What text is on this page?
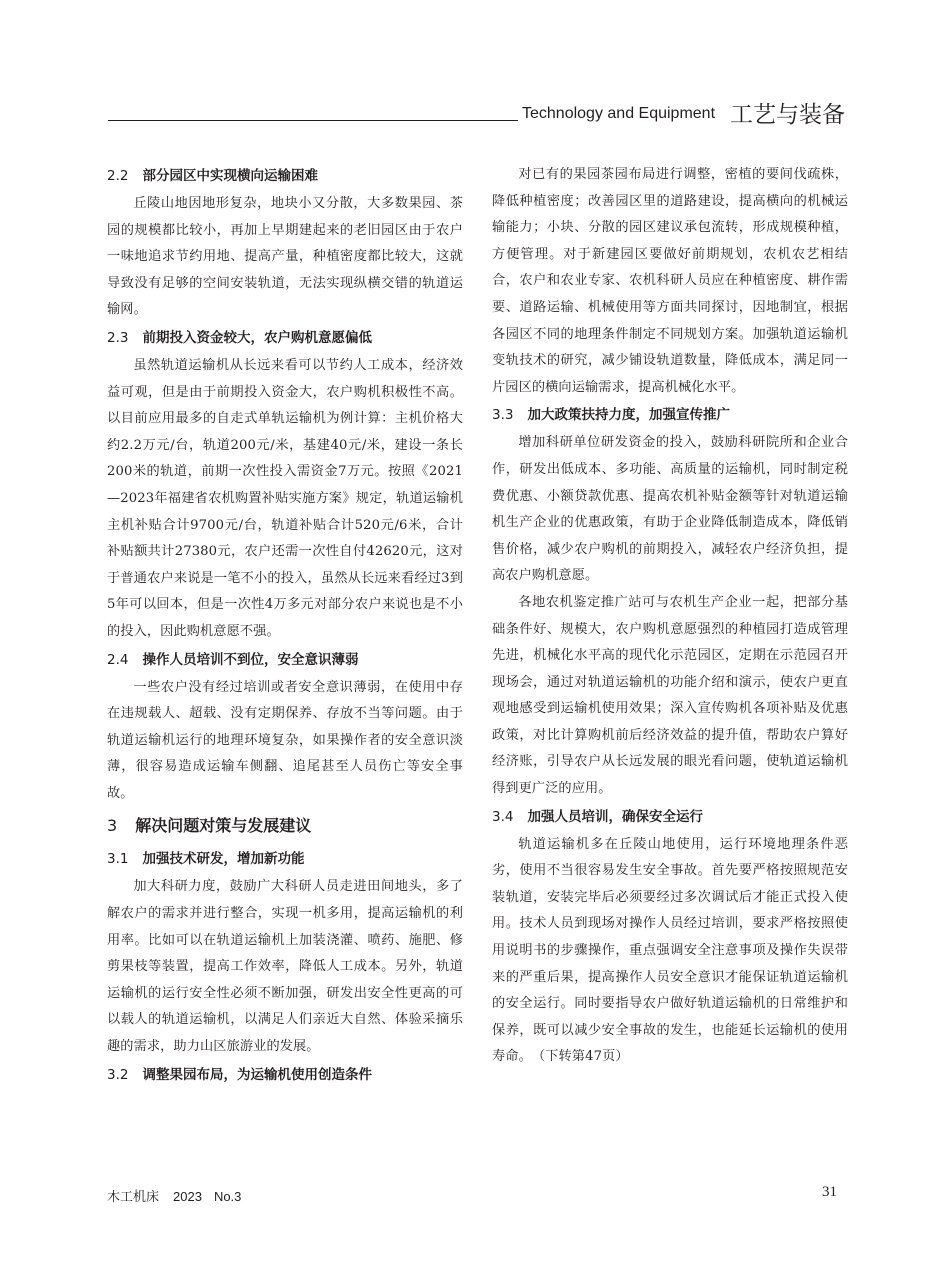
Technology and Equipment 工艺与装备
2.2 部分园区中实现横向运输困难

丘陵山地因地形复杂，地块小又分散，大多数果园、茶园的规模都比较小，再加上早期建起来的老旧园区由于农户一味地追求节约用地、提高产量，种植密度都比较大，这就导致没有足够的空间安装轨道，无法实现纵横交错的轨道运输网。

2.3 前期投入资金较大，农户购机意愿偏低

虽然轨道运输机从长远来看可以节约人工成本，经济效益可观，但是由于前期投入资金大，农户购机积极性不高。以目前应用最多的自走式单轨运输机为例计算：主机价格大约2.2万元/台，轨道200元/米，基建40元/米，建设一条长200米的轨道，前期一次性投入需资金7万元。按照《2021—2023年福建省农机购置补贴实施方案》规定，轨道运输机主机补贴合计9700元/台，轨道补贴合计520元/6米，合计补贴额共计27380元，农户还需一次性自付42620元，这对于普通农户来说是一笔不小的投入，虽然从长远来看经过3到5年可以回本，但是一次性4万多元对部分农户来说也是不小的投入，因此购机意愿不强。

2.4 操作人员培训不到位，安全意识薄弱

一些农户没有经过培训或者安全意识薄弱，在使用中存在违规载人、超载、没有定期保养、存放不当等问题。由于轨道运输机运行的地理环境复杂，如果操作者的安全意识淡薄，很容易造成运输车侧翻、追尾甚至人员伤亡等安全事故。

3 解决问题对策与发展建议
3.1 加强技术研发，增加新功能

加大科研力度，鼓励广大科研人员走进田间地头，多了解农户的需求并进行整合，实现一机多用，提高运输机的利用率。比如可以在轨道运输机上加装浇灌、喷药、施肥、修剪果枝等装置，提高工作效率，降低人工成本。另外，轨道运输机的运行安全性必须不断加强，研发出安全性更高的可以载人的轨道运输机，以满足人们亲近大自然、体验采摘乐趣的需求，助力山区旅游业的发展。

3.2 调整果园布局，为运输机使用创造条件

对已有的果园茶园布局进行调整，密植的要间伐疏株，降低种植密度；改善园区里的道路建设，提高横向的机械运输能力；小块、分散的园区建议承包流转，形成规模种植，方便管理。对于新建园区要做好前期规划，农机农艺相结合，农户和农业专家、农机科研人员应在种植密度、耕作需要、道路运输、机械使用等方面共同探讨，因地制宜，根据各园区不同的地理条件制定不同规划方案。加强轨道运输机变轨技术的研究，减少铺设轨道数量，降低成本，满足同一片园区的横向运输需求，提高机械化水平。

3.3 加大政策扶持力度，加强宣传推广

增加科研单位研发资金的投入，鼓励科研院所和企业合作，研发出低成本、多功能、高质量的运输机，同时制定税费优惠、小额贷款优惠、提高农机补贴金额等针对轨道运输机生产企业的优惠政策，有助于企业降低制造成本，降低销售价格，减少农户购机的前期投入，减轻农户经济负担，提高农户购机意愿。

各地农机鉴定推广站可与农机生产企业一起，把部分基础条件好、规模大，农户购机意愿强烈的种植园打造成管理先进，机械化水平高的现代化示范园区，定期在示范园召开现场会，通过对轨道运输机的功能介绍和演示，使农户更直观地感受到运输机使用效果；深入宣传购机各项补贴及优惠政策，对比计算购机前后经济效益的提升值，帮助农户算好经济账，引导农户从长远发展的眼光看问题，使轨道运输机得到更广泛的应用。

3.4 加强人员培训，确保安全运行

轨道运输机多在丘陵山地使用，运行环境地理条件恶劣，使用不当很容易发生安全事故。首先要严格按照规范安装轨道，安装完毕后必须要经过多次调试后才能正式投入使用。技术人员到现场对操作人员经过培训，要求严格按照使用说明书的步骤操作，重点强调安全注意事项及操作失误带来的严重后果，提高操作人员安全意识才能保证轨道运输机的安全运行。同时要指导农户做好轨道运输机的日常维护和保养，既可以减少安全事故的发生，也能延长运输机的使用寿命。　（下转第47页）

木工机床 2023 No.3	31
